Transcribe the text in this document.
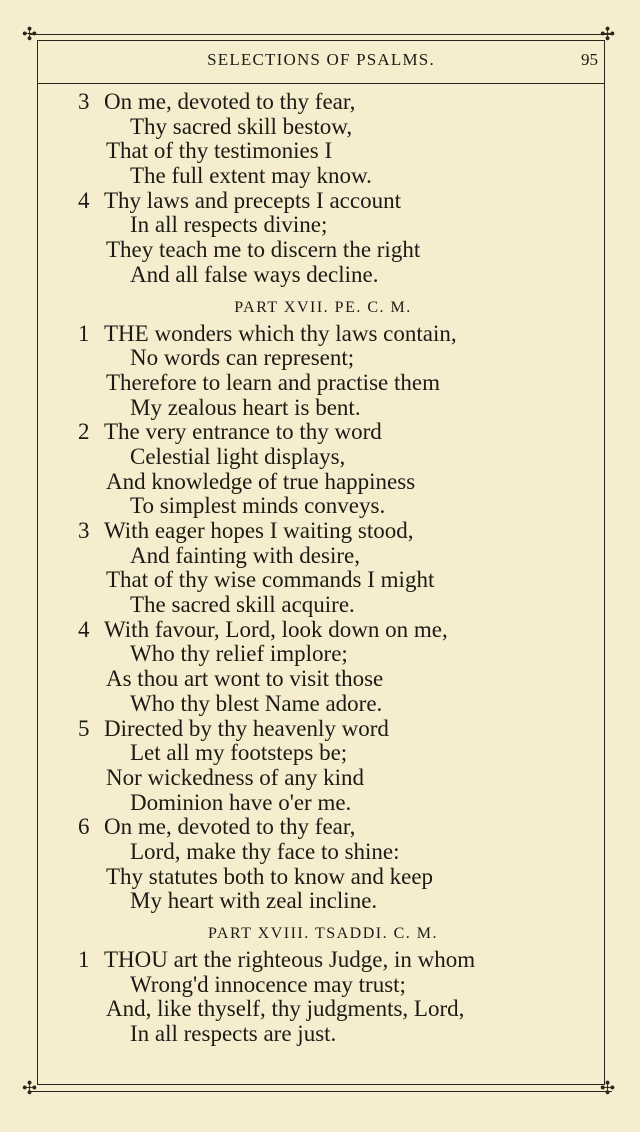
✣	✣
✣	✣
SELECTIONS OF PSALMS.	95
3 On me, devoted to thy fear,
Thy sacred skill bestow,
That of thy testimonies I
The full extent may know.
4 Thy laws and precepts I account
In all respects divine;
They teach me to discern the right
And all false ways decline.
PART XVII. PE. C. M.
1 THE wonders which thy laws contain,
No words can represent;
Therefore to learn and practise them
My zealous heart is bent.
2 The very entrance to thy word
Celestial light displays,
And knowledge of true happiness
To simplest minds conveys.
3 With eager hopes I waiting stood,
And fainting with desire,
That of thy wise commands I might
The sacred skill acquire.
4 With favour, Lord, look down on me,
Who thy relief implore;
As thou art wont to visit those
Who thy blest Name adore.
5 Directed by thy heavenly word
Let all my footsteps be;
Nor wickedness of any kind
Dominion have o'er me.
6 On me, devoted to thy fear,
Lord, make thy face to shine:
Thy statutes both to know and keep
My heart with zeal incline.
PART XVIII. TSADDI. C. M.
1 THOU art the righteous Judge, in whom
Wrong'd innocence may trust;
And, like thyself, thy judgments, Lord,
In all respects are just.
